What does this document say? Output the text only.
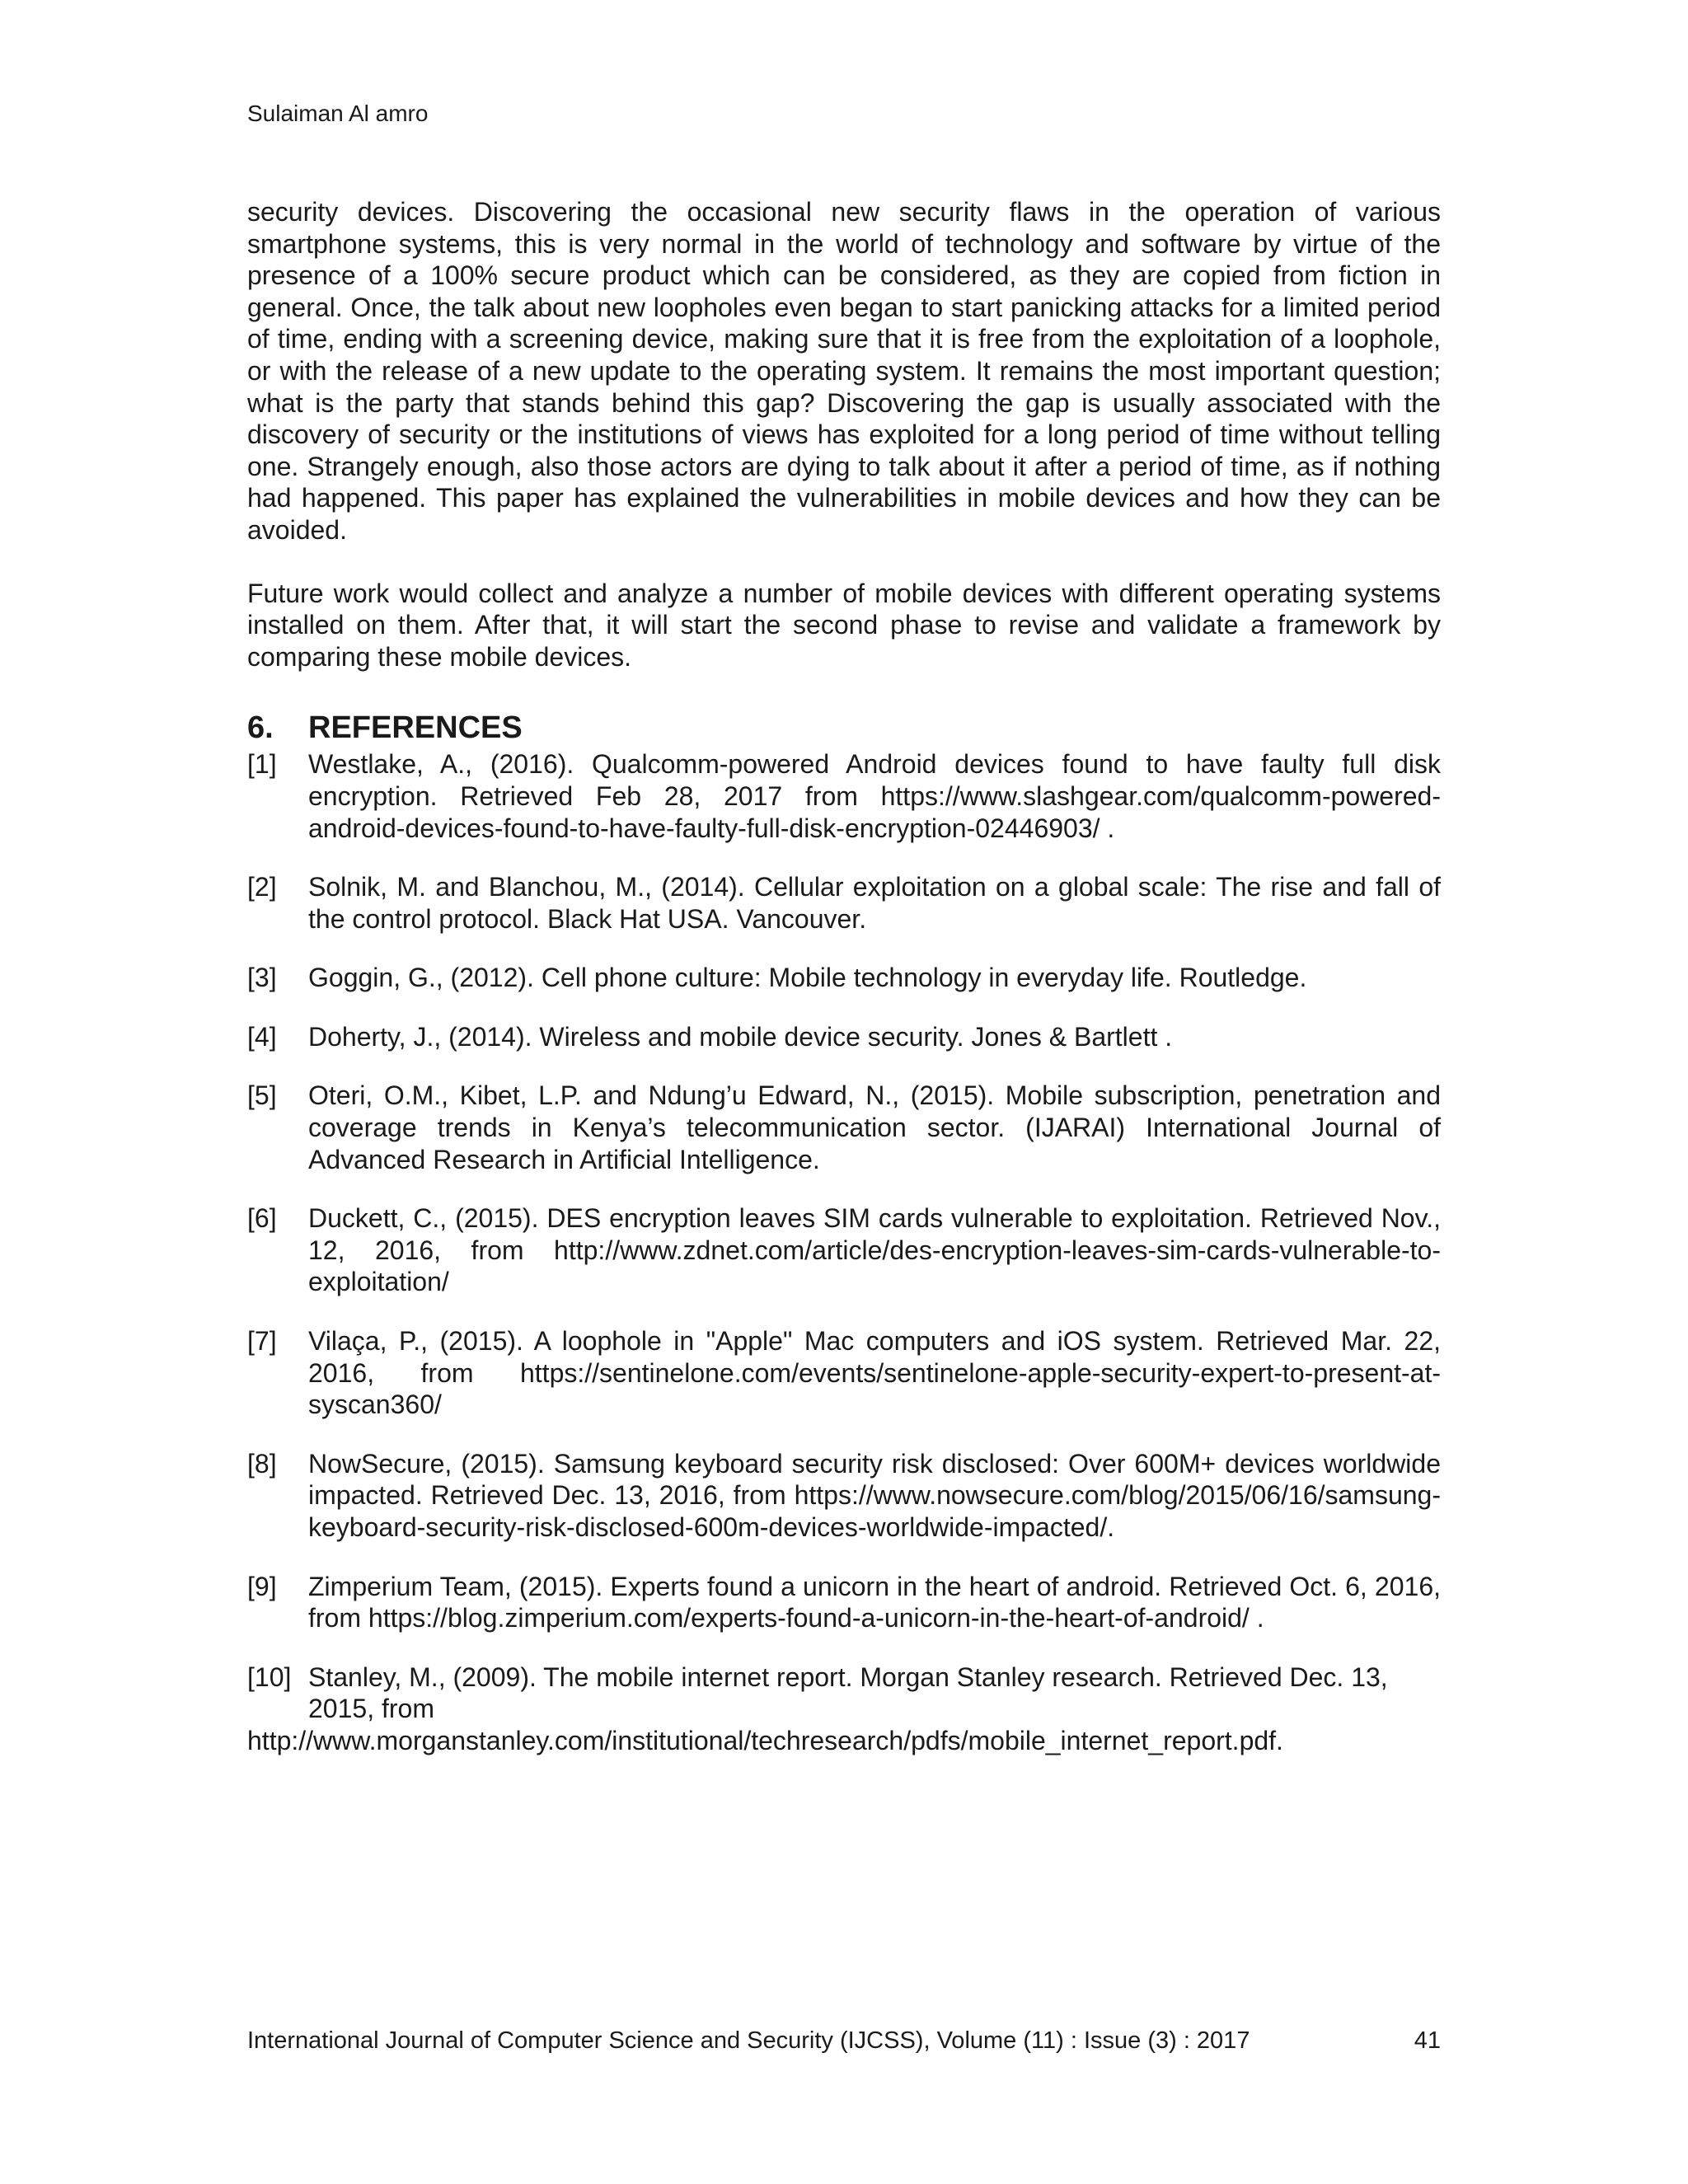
Sulaiman Al amro

security devices. Discovering the occasional new security flaws in the operation of various smartphone systems, this is very normal in the world of technology and software by virtue of the presence of a 100% secure product which can be considered, as they are copied from fiction in general. Once, the talk about new loopholes even began to start panicking attacks for a limited period of time, ending with a screening device, making sure that it is free from the exploitation of a loophole, or with the release of a new update to the operating system. It remains the most important question; what is the party that stands behind this gap? Discovering the gap is usually associated with the discovery of security or the institutions of views has exploited for a long period of time without telling one. Strangely enough, also those actors are dying to talk about it after a period of time, as if nothing had happened. This paper has explained the vulnerabilities in mobile devices and how they can be avoided.

Future work would collect and analyze a number of mobile devices with different operating systems installed on them. After that, it will start the second phase to revise and validate a framework by comparing these mobile devices.

6.	REFERENCES
[1]	Westlake, A., (2016). Qualcomm-powered Android devices found to have faulty full disk encryption. Retrieved Feb 28, 2017 from https://www.slashgear.com/qualcomm-powered-android-devices-found-to-have-faulty-full-disk-encryption-02446903/ .
[2]	Solnik, M. and Blanchou, M., (2014). Cellular exploitation on a global scale: The rise and fall of the control protocol. Black Hat USA. Vancouver.
[3]	Goggin, G., (2012). Cell phone culture: Mobile technology in everyday life. Routledge.
[4]	Doherty, J., (2014). Wireless and mobile device security. Jones & Bartlett .
[5]	Oteri, O.M., Kibet, L.P. and Ndung’u Edward, N., (2015). Mobile subscription, penetration and coverage trends in Kenya’s telecommunication sector. (IJARAI) International Journal of Advanced Research in Artificial Intelligence.
[6]	Duckett, C., (2015). DES encryption leaves SIM cards vulnerable to exploitation. Retrieved Nov., 12, 2016, from http://www.zdnet.com/article/des-encryption-leaves-sim-cards-vulnerable-to-exploitation/
[7]	Vilaça, P., (2015). A loophole in "Apple" Mac computers and iOS system. Retrieved Mar. 22, 2016, from https://sentinelone.com/events/sentinelone-apple-security-expert-to-present-at-syscan360/
[8]	NowSecure, (2015). Samsung keyboard security risk disclosed: Over 600M+ devices worldwide impacted. Retrieved Dec. 13, 2016, from https://www.nowsecure.com/blog/2015/06/16/samsung-keyboard-security-risk-disclosed-600m-devices-worldwide-impacted/.
[9]	Zimperium Team, (2015). Experts found a unicorn in the heart of android. Retrieved Oct. 6, 2016, from https://blog.zimperium.com/experts-found-a-unicorn-in-the-heart-of-android/ .
[10] Stanley, M., (2009). The mobile internet report. Morgan Stanley research. Retrieved Dec. 13, 2015, from
http://www.morganstanley.com/institutional/techresearch/pdfs/mobile_internet_report.pdf.
International Journal of Computer Science and Security (IJCSS), Volume (11) : Issue (3) : 2017	41
